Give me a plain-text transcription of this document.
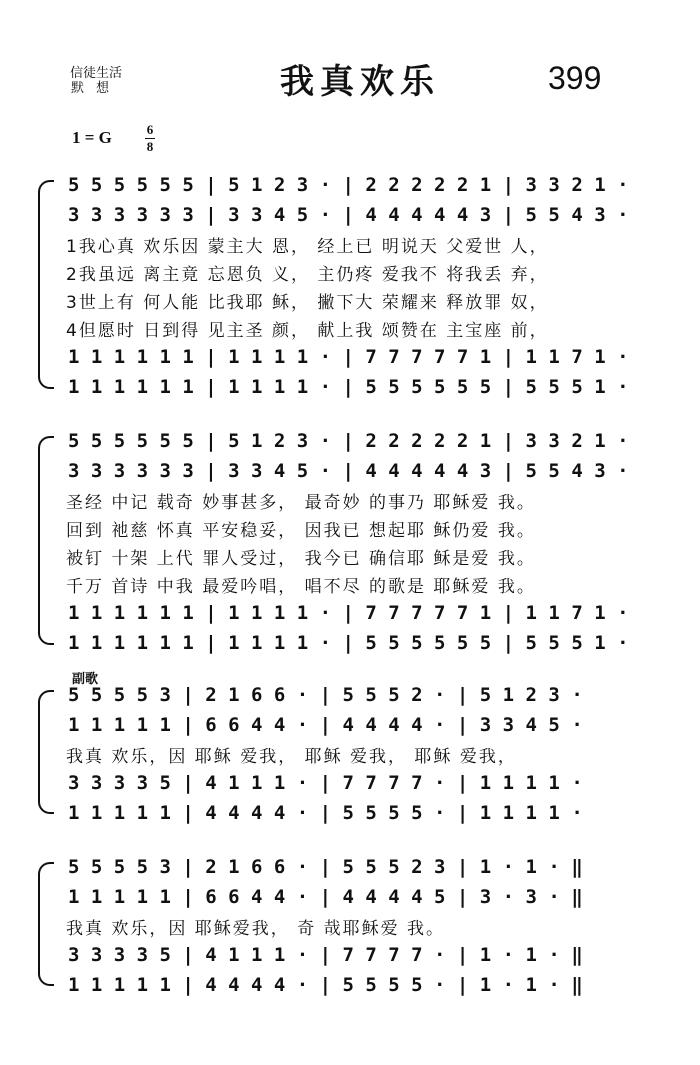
信徒生活
默想	我真欢乐	399
1 = G	6
8
5 5 5 5 5 5 | 5 1 2 3 · | 2 2 2 2 2 1 | 3 3 2 1 ·
3 3 3 3 3 3 | 3 3 4 5 · | 4 4 4 4 4 3 | 5 5 4 3 ·
1我心真 欢乐因 蒙主大 恩， 经上已 明说天 父爱世 人，
2我虽远 离主竟 忘恩负 义， 主仍疼 爱我不 将我丢 弃，
3世上有 何人能 比我耶 稣， 撇下大 荣耀来 释放罪 奴，
4但愿时 日到得 见主圣 颜， 献上我 颂赞在 主宝座 前，
1 1 1 1 1 1 | 1 1 1 1 · | 7 7 7 7 7 1 | 1 1 7 1 ·
1 1 1 1 1 1 | 1 1 1 1 · | 5 5 5 5 5 5 | 5 5 5 1 ·
5 5 5 5 5 5 | 5 1 2 3 · | 2 2 2 2 2 1 | 3 3 2 1 ·
3 3 3 3 3 3 | 3 3 4 5 · | 4 4 4 4 4 3 | 5 5 4 3 ·
圣经 中记 载奇 妙事甚多， 最奇妙 的事乃 耶稣爱 我。
回到 祂慈 怀真 平安稳妥， 因我已 想起耶 稣仍爱 我。
被钉 十架 上代 罪人受过， 我今已 确信耶 稣是爱 我。
千万 首诗 中我 最爱吟唱， 唱不尽 的歌是 耶稣爱 我。
1 1 1 1 1 1 | 1 1 1 1 · | 7 7 7 7 7 1 | 1 1 7 1 ·
1 1 1 1 1 1 | 1 1 1 1 · | 5 5 5 5 5 5 | 5 5 5 1 ·
副歌
5 5 5 5 3 | 2 1 6 6 · | 5 5 5 2 · | 5 1 2 3 ·
1 1 1 1 1 | 6 6 4 4 · | 4 4 4 4 · | 3 3 4 5 ·
我真 欢乐，因 耶稣 爱我， 耶稣 爱我， 耶稣 爱我，
3 3 3 3 5 | 4 1 1 1 · | 7 7 7 7 · | 1 1 1 1 ·
1 1 1 1 1 | 4 4 4 4 · | 5 5 5 5 · | 1 1 1 1 ·
5 5 5 5 3 | 2 1 6 6 · | 5 5 5 2 3 | 1 · 1 · ‖
1 1 1 1 1 | 6 6 4 4 · | 4 4 4 4 5 | 3 · 3 · ‖
我真 欢乐，因 耶稣爱我， 奇 哉耶稣爱 我。
3 3 3 3 5 | 4 1 1 1 · | 7 7 7 7 · | 1 · 1 · ‖
1 1 1 1 1 | 4 4 4 4 · | 5 5 5 5 · | 1 · 1 · ‖
